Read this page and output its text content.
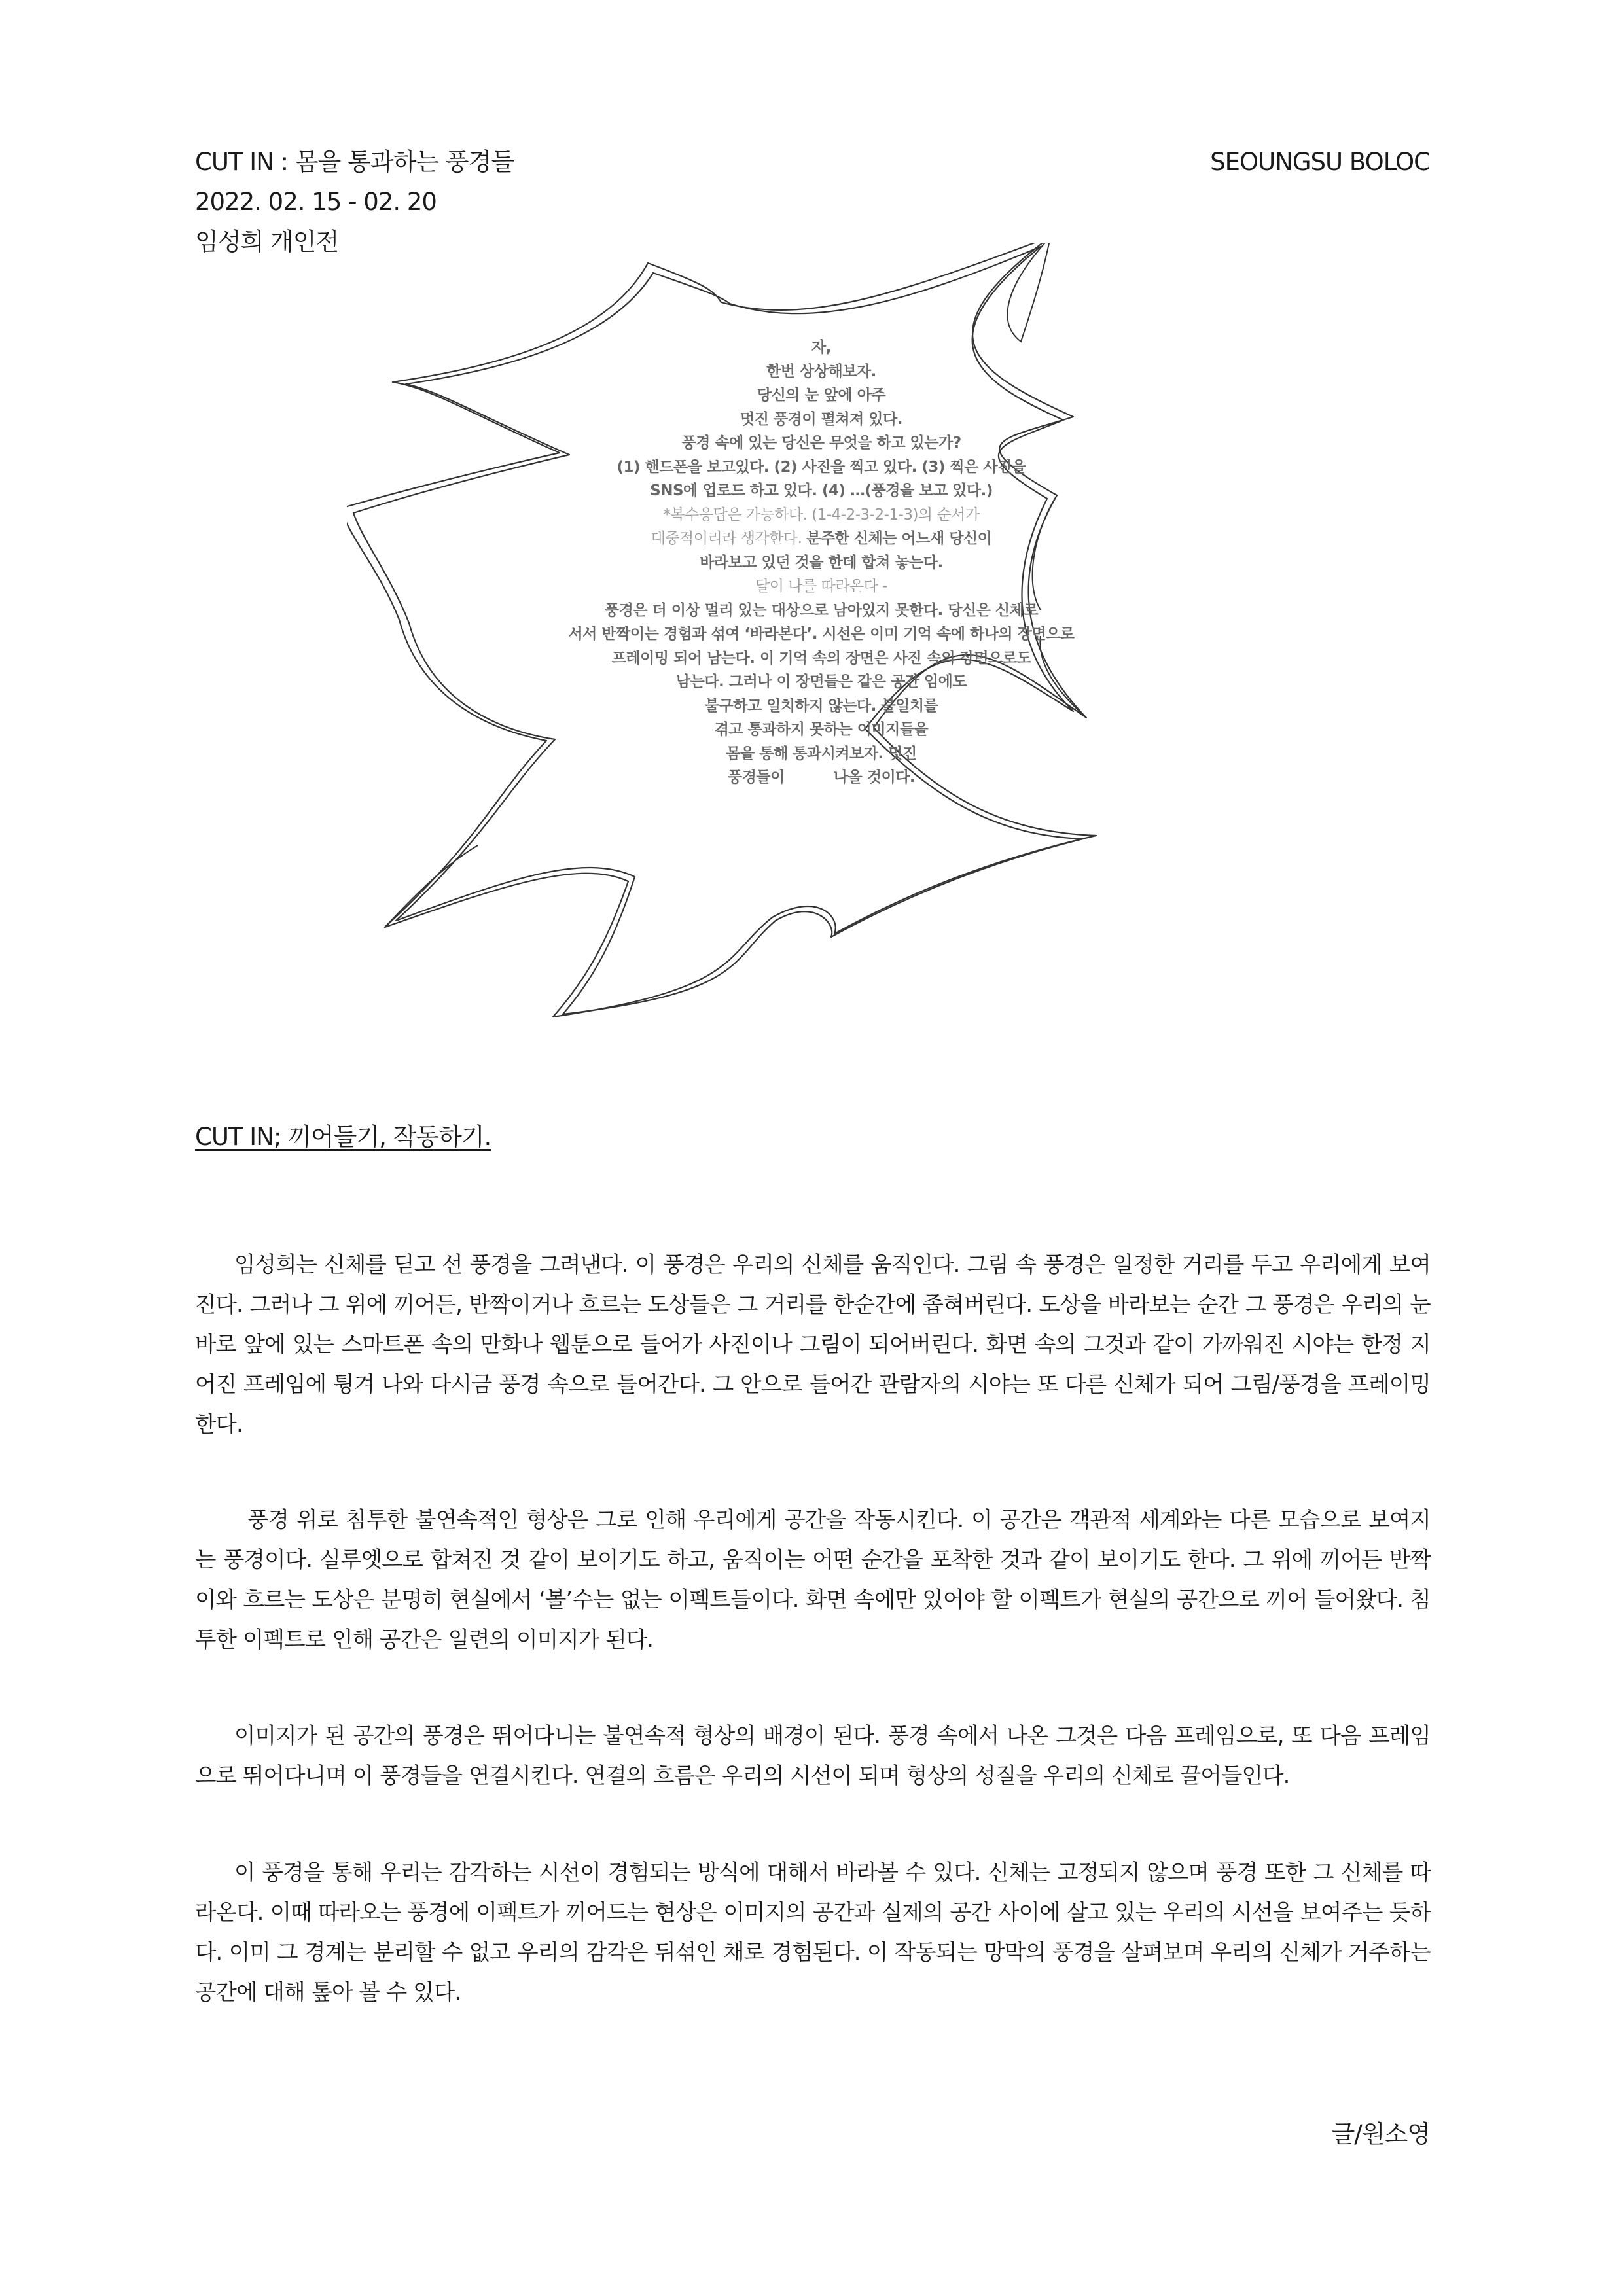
CUT IN : 몸을 통과하는 풍경들
2022. 02. 15 - 02. 20
임성희 개인전
SEOUNGSU BOLOC
자,
한번 상상해보자.
당신의 눈 앞에 아주
멋진 풍경이 펼쳐져 있다.
풍경 속에 있는 당신은 무엇을 하고 있는가?
(1) 핸드폰을 보고있다. (2) 사진을 찍고 있다. (3) 찍은 사진을
SNS에 업로드 하고 있다. (4) …(풍경을 보고 있다.)
*복수응답은 가능하다. (1-4-2-3-2-1-3)의 순서가
대중적이리라 생각한다. 분주한 신체는 어느새 당신이
바라보고 있던 것을 한데 합쳐 놓는다.
달이 나를 따라온다 -
풍경은 더 이상 멀리 있는 대상으로 남아있지 못한다. 당신은 신체로
서서 반짝이는 경험과 섞여 ‘바라본다’. 시선은 이미 기억 속에 하나의 장면으로
프레이밍 되어 남는다. 이 기억 속의 장면은 사진 속의 장면으로도
남는다. 그러나 이 장면들은 같은 공간 임에도
불구하고 일치하지 않는다. 불일치를
겪고 통과하지 못하는 이미지들을
몸을 통해 통과시켜보자. 멋진
풍경들이          나올 것이다.
CUT IN; 끼어들기, 작동하기.

임성희는 신체를 딛고 선 풍경을 그려낸다. 이 풍경은 우리의 신체를 움직인다. 그림 속 풍경은 일정한 거리를 두고 우리에게 보여진다. 그러나 그 위에 끼어든, 반짝이거나 흐르는 도상들은 그 거리를 한순간에 좁혀버린다. 도상을 바라보는 순간 그 풍경은 우리의 눈 바로 앞에 있는 스마트폰 속의 만화나 웹툰으로 들어가 사진이나 그림이 되어버린다. 화면 속의 그것과 같이 가까워진 시야는 한정 지어진 프레임에 튕겨 나와 다시금 풍경 속으로 들어간다. 그 안으로 들어간 관람자의 시야는 또 다른 신체가 되어 그림/풍경을 프레이밍 한다.

풍경 위로 침투한 불연속적인 형상은 그로 인해 우리에게 공간을 작동시킨다. 이 공간은 객관적 세계와는 다른 모습으로 보여지는 풍경이다. 실루엣으로 합쳐진 것 같이 보이기도 하고, 움직이는 어떤 순간을 포착한 것과 같이 보이기도 한다. 그 위에 끼어든 반짝이와 흐르는 도상은 분명히 현실에서 ‘볼’수는 없는 이펙트들이다. 화면 속에만 있어야 할 이펙트가 현실의 공간으로 끼어 들어왔다. 침투한 이펙트로 인해 공간은 일련의 이미지가 된다.

이미지가 된 공간의 풍경은 뛰어다니는 불연속적 형상의 배경이 된다. 풍경 속에서 나온 그것은 다음 프레임으로, 또 다음 프레임으로 뛰어다니며 이 풍경들을 연결시킨다. 연결의 흐름은 우리의 시선이 되며 형상의 성질을 우리의 신체로 끌어들인다.

이 풍경을 통해 우리는 감각하는 시선이 경험되는 방식에 대해서 바라볼 수 있다. 신체는 고정되지 않으며 풍경 또한 그 신체를 따라온다. 이때 따라오는 풍경에 이펙트가 끼어드는 현상은 이미지의 공간과 실제의 공간 사이에 살고 있는 우리의 시선을 보여주는 듯하다. 이미 그 경계는 분리할 수 없고 우리의 감각은 뒤섞인 채로 경험된다. 이 작동되는 망막의 풍경을 살펴보며 우리의 신체가 거주하는 공간에 대해 톺아 볼 수 있다.

글/원소영
